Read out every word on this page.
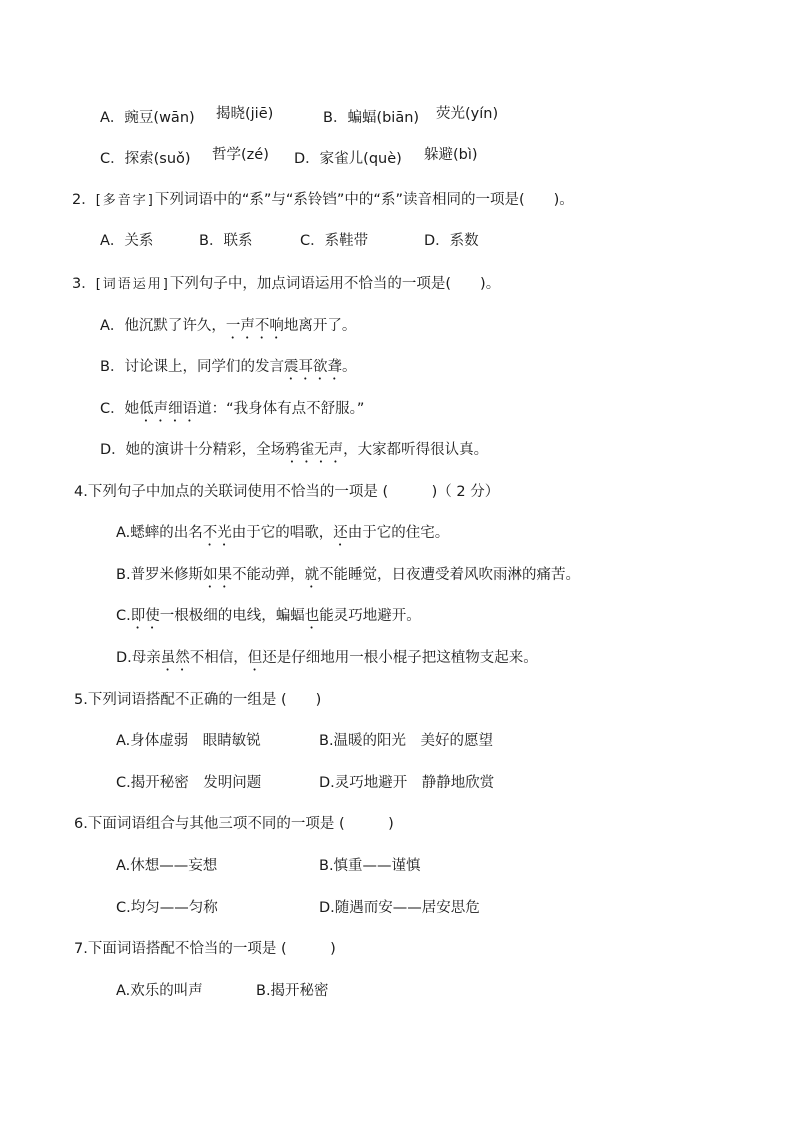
A．豌豆(wān) 揭晓(jiē)	B．蝙蝠(biān) 荧光(yín)
C．探索(suǒ) 哲学(zé) D．家雀儿(què) 躲避(bì)
2．[多音字]下列词语中的“系”与“系铃铛”中的“系”读音相同的一项是(　　)。
A．关系	B．联系	C．系鞋带	D．系数
3．[词语运用]下列句子中，加点词语运用不恰当的一项是(　　)。
A．他沉默了许久，一声不响地离开了。
B．讨论课上，同学们的发言震耳欲聋。
C．她低声细语道：“我身体有点不舒服。”
D．她的演讲十分精彩，全场鸦雀无声，大家都听得很认真。
4.下列句子中加点的关联词使用不恰当的一项是 (　　　)（ 2 分）
A.蟋蟀的出名不光由于它的唱歌，还由于它的住宅。
B.普罗米修斯如果不能动弹，就不能睡觉，日夜遭受着风吹雨淋的痛苦。
C.即使一根极细的电线，蝙蝠也能灵巧地避开。
D.母亲虽然不相信，但还是仔细地用一根小棍子把这植物支起来。
5.下列词语搭配不正确的一组是 (　　)
A.身体虚弱　眼睛敏锐	B.温暖的阳光　美好的愿望
C.揭开秘密　发明问题	D.灵巧地避开　静静地欣赏
6.下面词语组合与其他三项不同的一项是 (　　　)
A.休想——妄想	B.慎重——谨慎
C.均匀——匀称	D.随遇而安——居安思危
7.下面词语搭配不恰当的一项是 (　　　)
A.欢乐的叫声	B.揭开秘密
